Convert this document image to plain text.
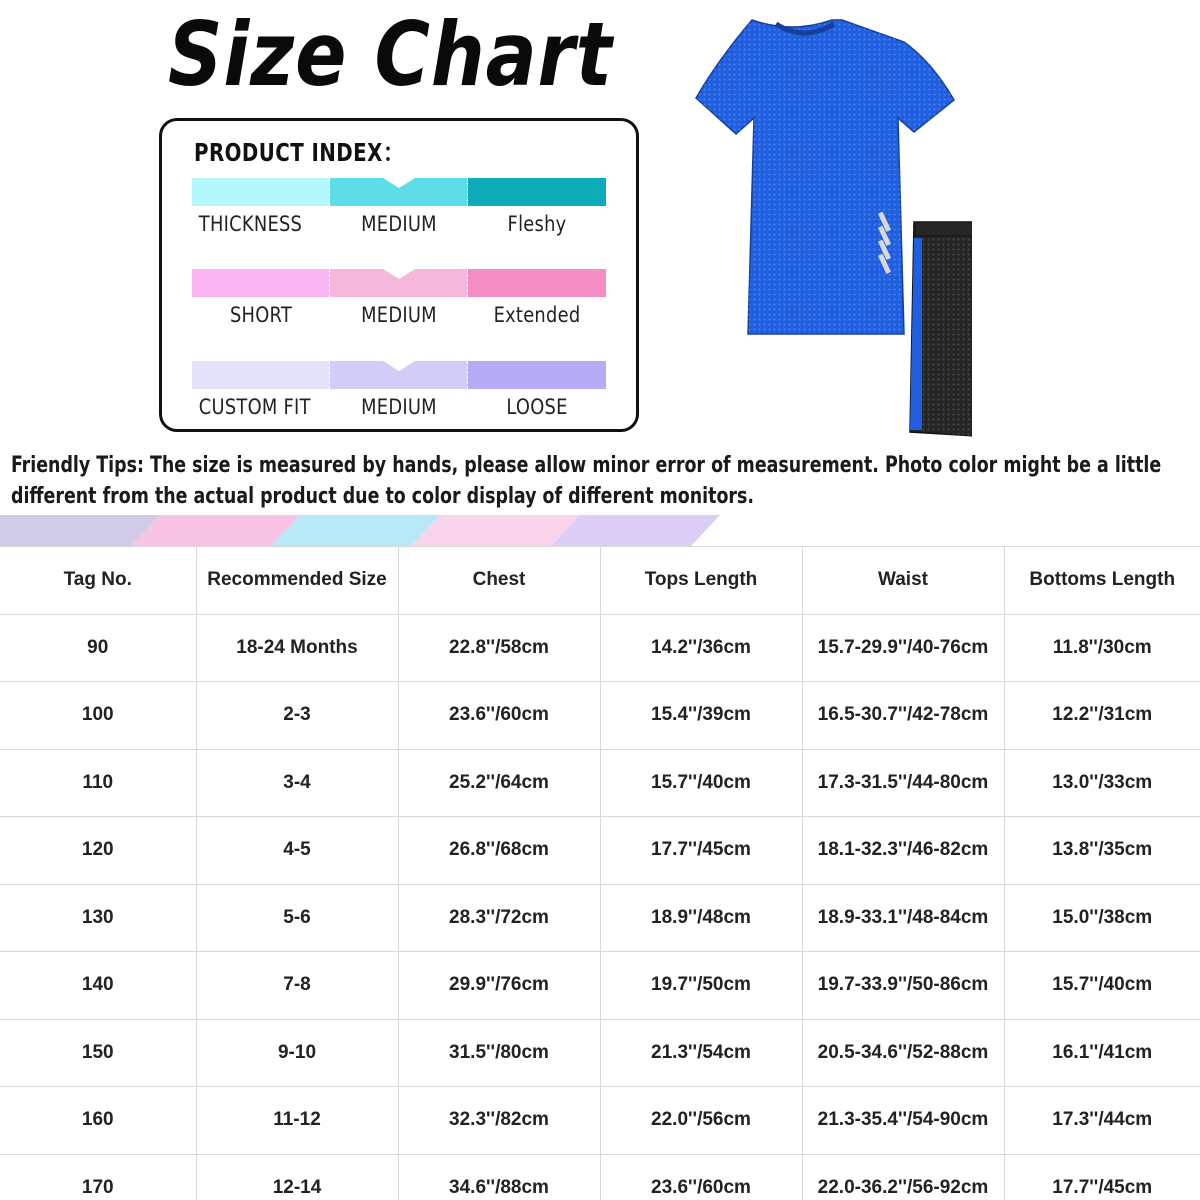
Size Chart
PRODUCT INDEX：
THICKNESS	MEDIUM	Fleshy
SHORT	MEDIUM	Extended
CUSTOM FIT	MEDIUM	LOOSE
Friendly Tips: The size is measured by hands, please allow minor error of measurement. Photo color might be a little different from the actual product due to color display of different monitors.
Tag No.	Recommended Size	Chest	Tops Length	Waist	Bottoms Length
90	18-24 Months	22.8''/58cm	14.2''/36cm	15.7-29.9''/40-76cm	11.8''/30cm
100	2-3	23.6''/60cm	15.4''/39cm	16.5-30.7''/42-78cm	12.2''/31cm
110	3-4	25.2''/64cm	15.7''/40cm	17.3-31.5''/44-80cm	13.0''/33cm
120	4-5	26.8''/68cm	17.7''/45cm	18.1-32.3''/46-82cm	13.8''/35cm
130	5-6	28.3''/72cm	18.9''/48cm	18.9-33.1''/48-84cm	15.0''/38cm
140	7-8	29.9''/76cm	19.7''/50cm	19.7-33.9''/50-86cm	15.7''/40cm
150	9-10	31.5''/80cm	21.3''/54cm	20.5-34.6''/52-88cm	16.1''/41cm
160	11-12	32.3''/82cm	22.0''/56cm	21.3-35.4''/54-90cm	17.3''/44cm
170	12-14	34.6''/88cm	23.6''/60cm	22.0-36.2''/56-92cm	17.7''/45cm
